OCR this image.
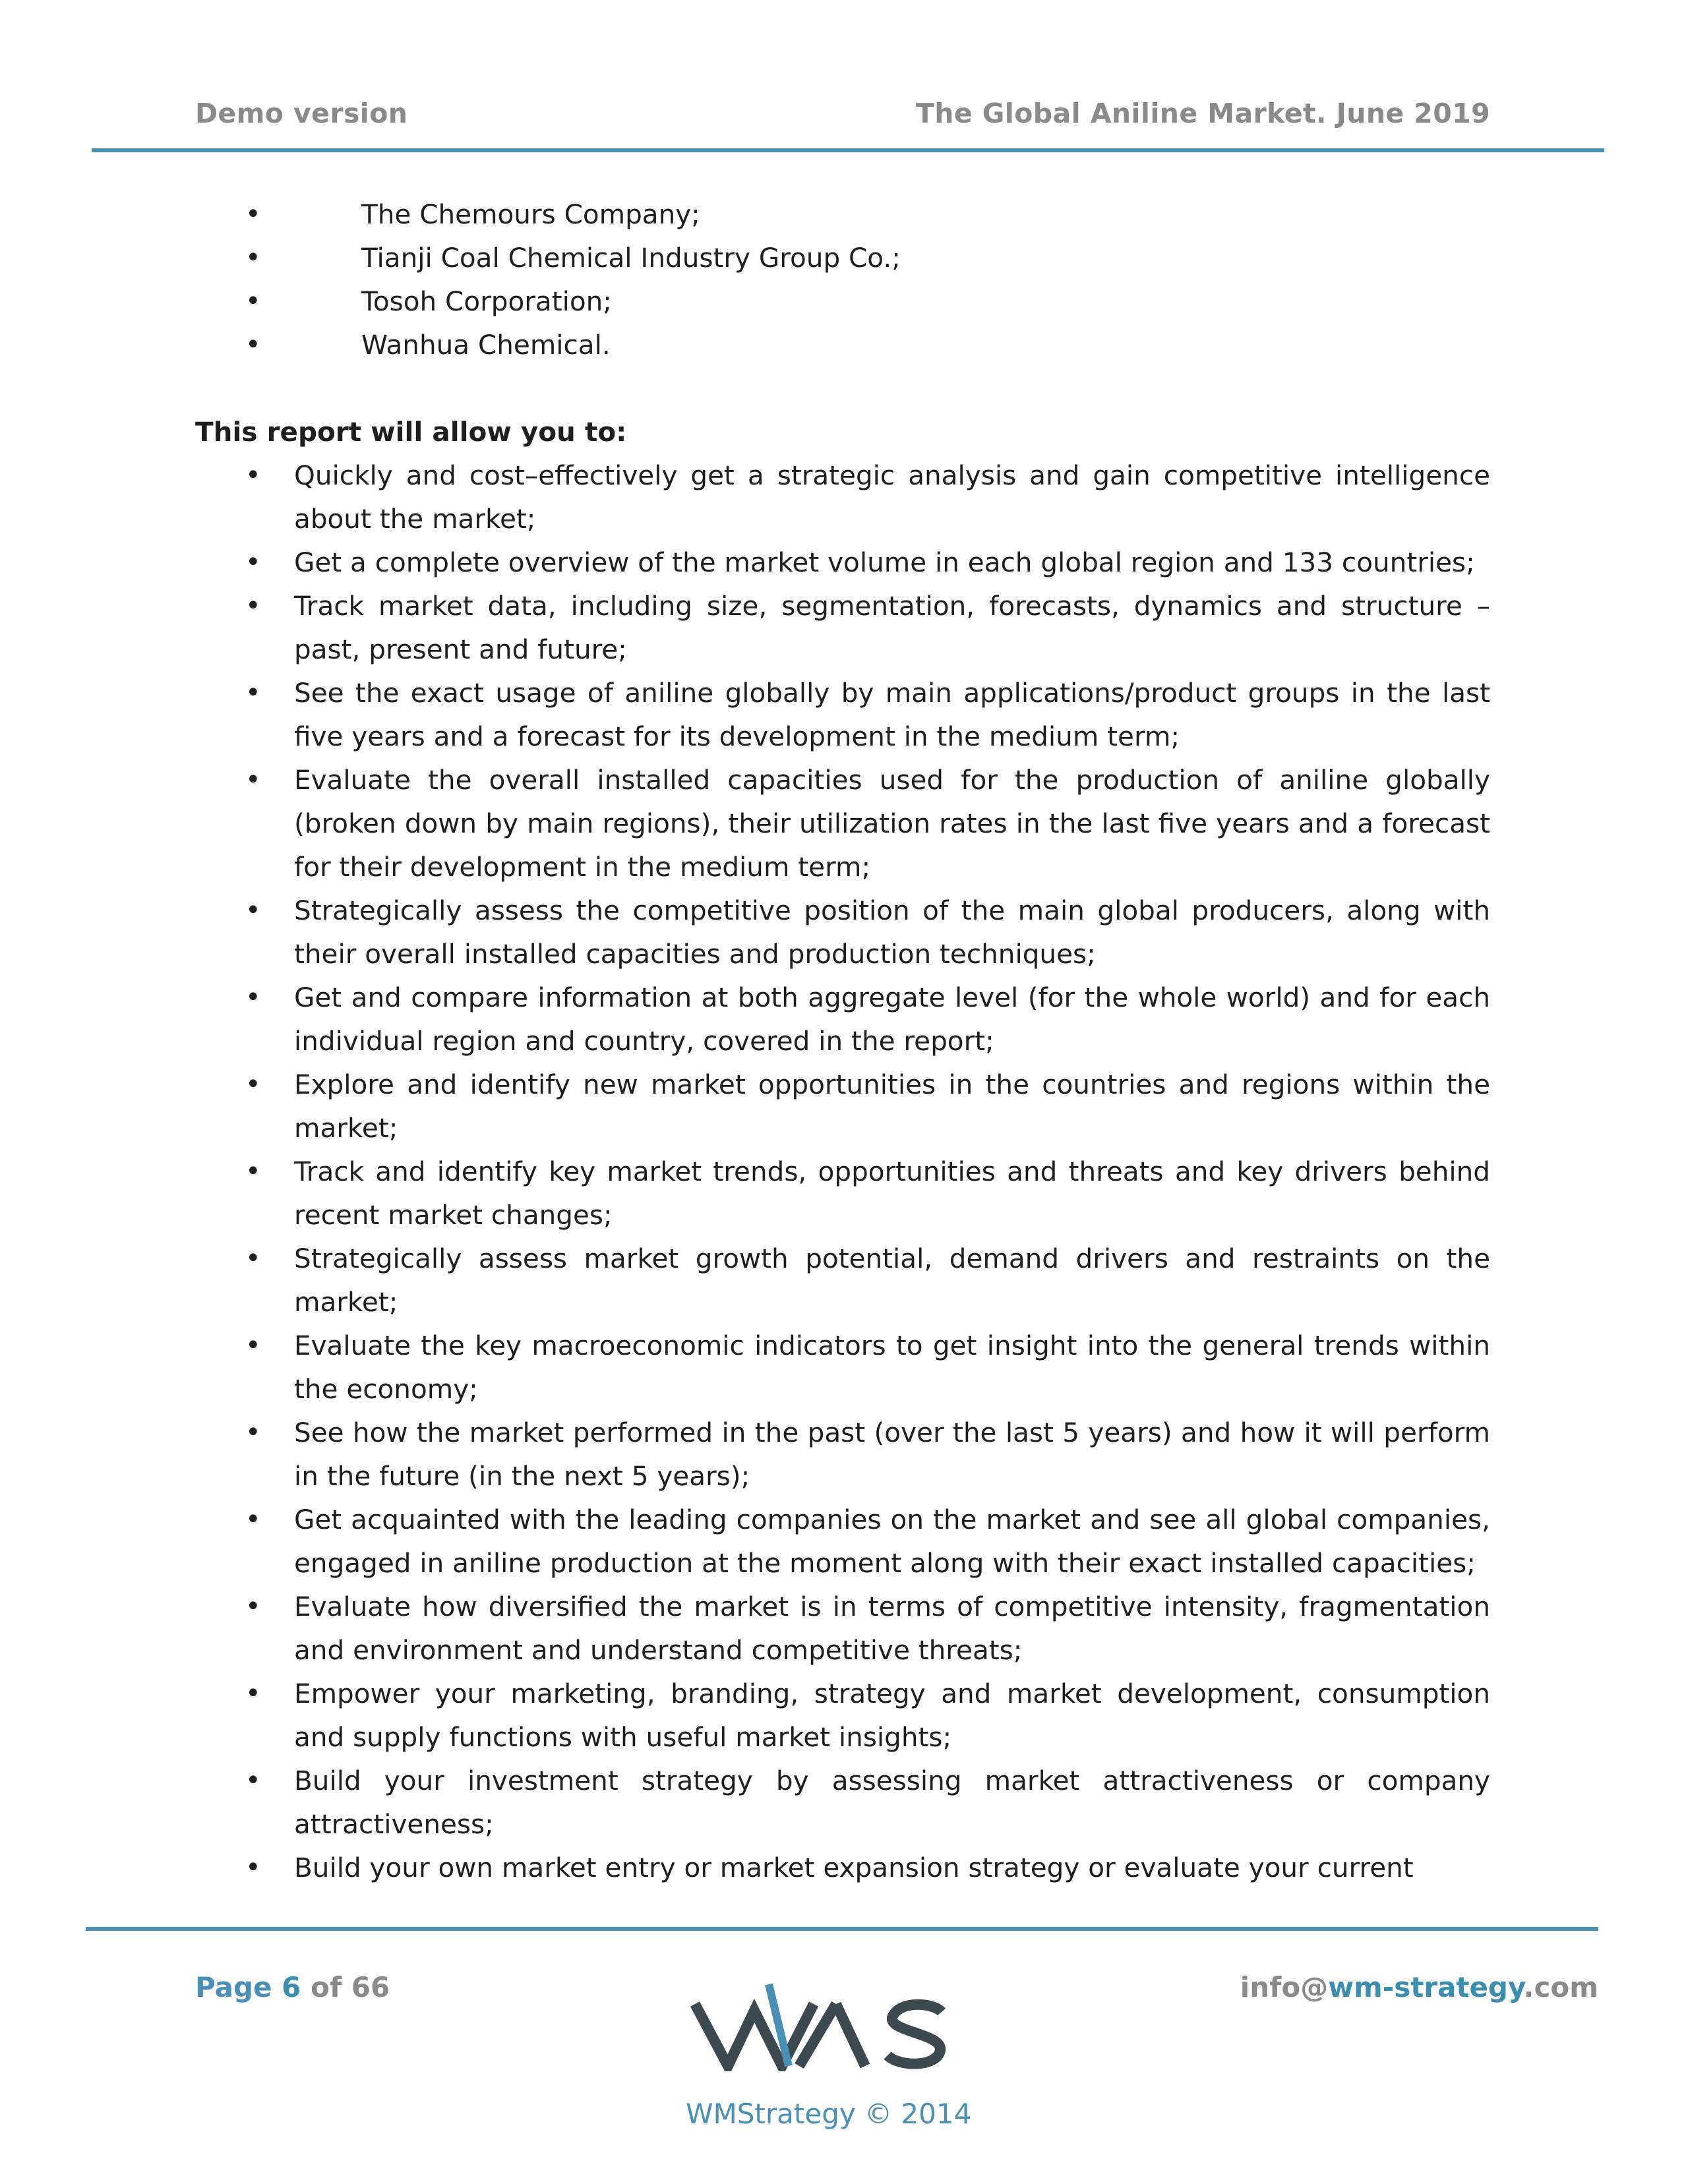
Demo version	The Global Aniline Market. June 2019
• The Chemours Company;
• Tianji Coal Chemical Industry Group Co.;
• Tosoh Corporation;
• Wanhua Chemical.
This report will allow you to:
• Quickly and cost–effectively get a strategic analysis and gain competitive intelligence about the market;
• Get a complete overview of the market volume in each global region and 133 countries;
• Track market data, including size, segmentation, forecasts, dynamics and structure – past, present and future;
• See the exact usage of aniline globally by main applications/product groups in the last five years and a forecast for its development in the medium term;
• Evaluate the overall installed capacities used for the production of aniline globally (broken down by main regions), their utilization rates in the last five years and a forecast for their development in the medium term;
• Strategically assess the competitive position of the main global producers, along with their overall installed capacities and production techniques;
• Get and compare information at both aggregate level (for the whole world) and for each individual region and country, covered in the report;
• Explore and identify new market opportunities in the countries and regions within the market;
• Track and identify key market trends, opportunities and threats and key drivers behind recent market changes;
• Strategically assess market growth potential, demand drivers and restraints on the market;
• Evaluate the key macroeconomic indicators to get insight into the general trends within the economy;
• See how the market performed in the past (over the last 5 years) and how it will perform in the future (in the next 5 years);
• Get acquainted with the leading companies on the market and see all global companies, engaged in aniline production at the moment along with their exact installed capacities;
• Evaluate how diversified the market is in terms of competitive intensity, fragmentation and environment and understand competitive threats;
• Empower your marketing, branding, strategy and market development, consumption and supply functions with useful market insights;
• Build your investment strategy by assessing market attractiveness or company attractiveness;
• Build your own market entry or market expansion strategy or evaluate your current
Page 6 of 66
WMStrategy © 2014
info@wm-strategy.com
